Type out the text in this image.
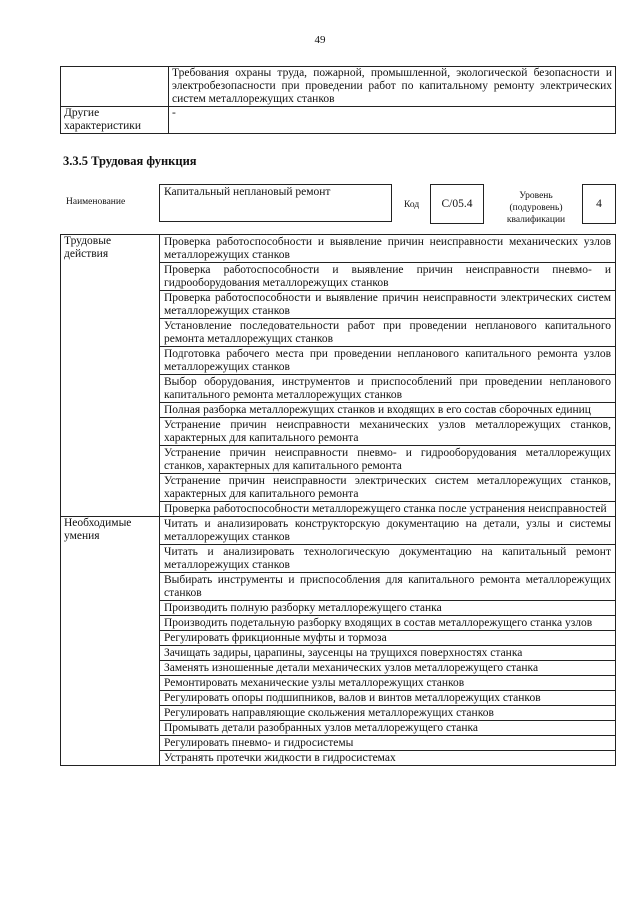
49
	Требования охраны труда, пожарной, промышленной, экологической безопасности и электробезопасности при проведении работ по капитальному ремонту электрических систем металлорежущих станков
Другие характеристики	-
3.3.5 Трудовая функция
Наименование
Капитальный неплановый ремонт
Код	C/05.4
Уровень (подуровень) квалификации
4
Трудовые действия	Проверка работоспособности и выявление причин неисправности механических узлов металлорежущих станков
	Проверка работоспособности и выявление причин неисправности пневмо- и гидрооборудования металлорежущих станков
	Проверка работоспособности и выявление причин неисправности электрических систем металлорежущих станков
	Установление последовательности работ при проведении непланового капитального ремонта металлорежущих станков
	Подготовка рабочего места при проведении непланового капитального ремонта узлов металлорежущих станков
	Выбор оборудования, инструментов и приспособлений при проведении непланового капитального ремонта металлорежущих станков
	Полная разборка металлорежущих станков и входящих в его состав сборочных единиц
	Устранение причин неисправности механических узлов металлорежущих станков, характерных для капитального ремонта
	Устранение причин неисправности пневмо- и гидрооборудования металлорежущих станков, характерных для капитального ремонта
	Устранение причин неисправности электрических систем металлорежущих станков, характерных для капитального ремонта
	Проверка работоспособности металлорежущего станка после устранения неисправностей
Необходимые умения	Читать и анализировать конструкторскую документацию на детали, узлы и системы металлорежущих станков
	Читать и анализировать технологическую документацию на капитальный ремонт металлорежущих станков
	Выбирать инструменты и приспособления для капитального ремонта металлорежущих станков
	Производить полную разборку металлорежущего станка
	Производить подетальную разборку входящих в состав металлорежущего станка узлов
	Регулировать фрикционные муфты и тормоза
	Зачищать задиры, царапины, заусенцы на трущихся поверхностях станка
	Заменять изношенные детали механических узлов металлорежущего станка
	Ремонтировать механические узлы металлорежущих станков
	Регулировать опоры подшипников, валов и винтов металлорежущих станков
	Регулировать направляющие скольжения металлорежущих станков
	Промывать детали разобранных узлов металлорежущего станка
	Регулировать пневмо- и гидросистемы
	Устранять протечки жидкости в гидросистемах
